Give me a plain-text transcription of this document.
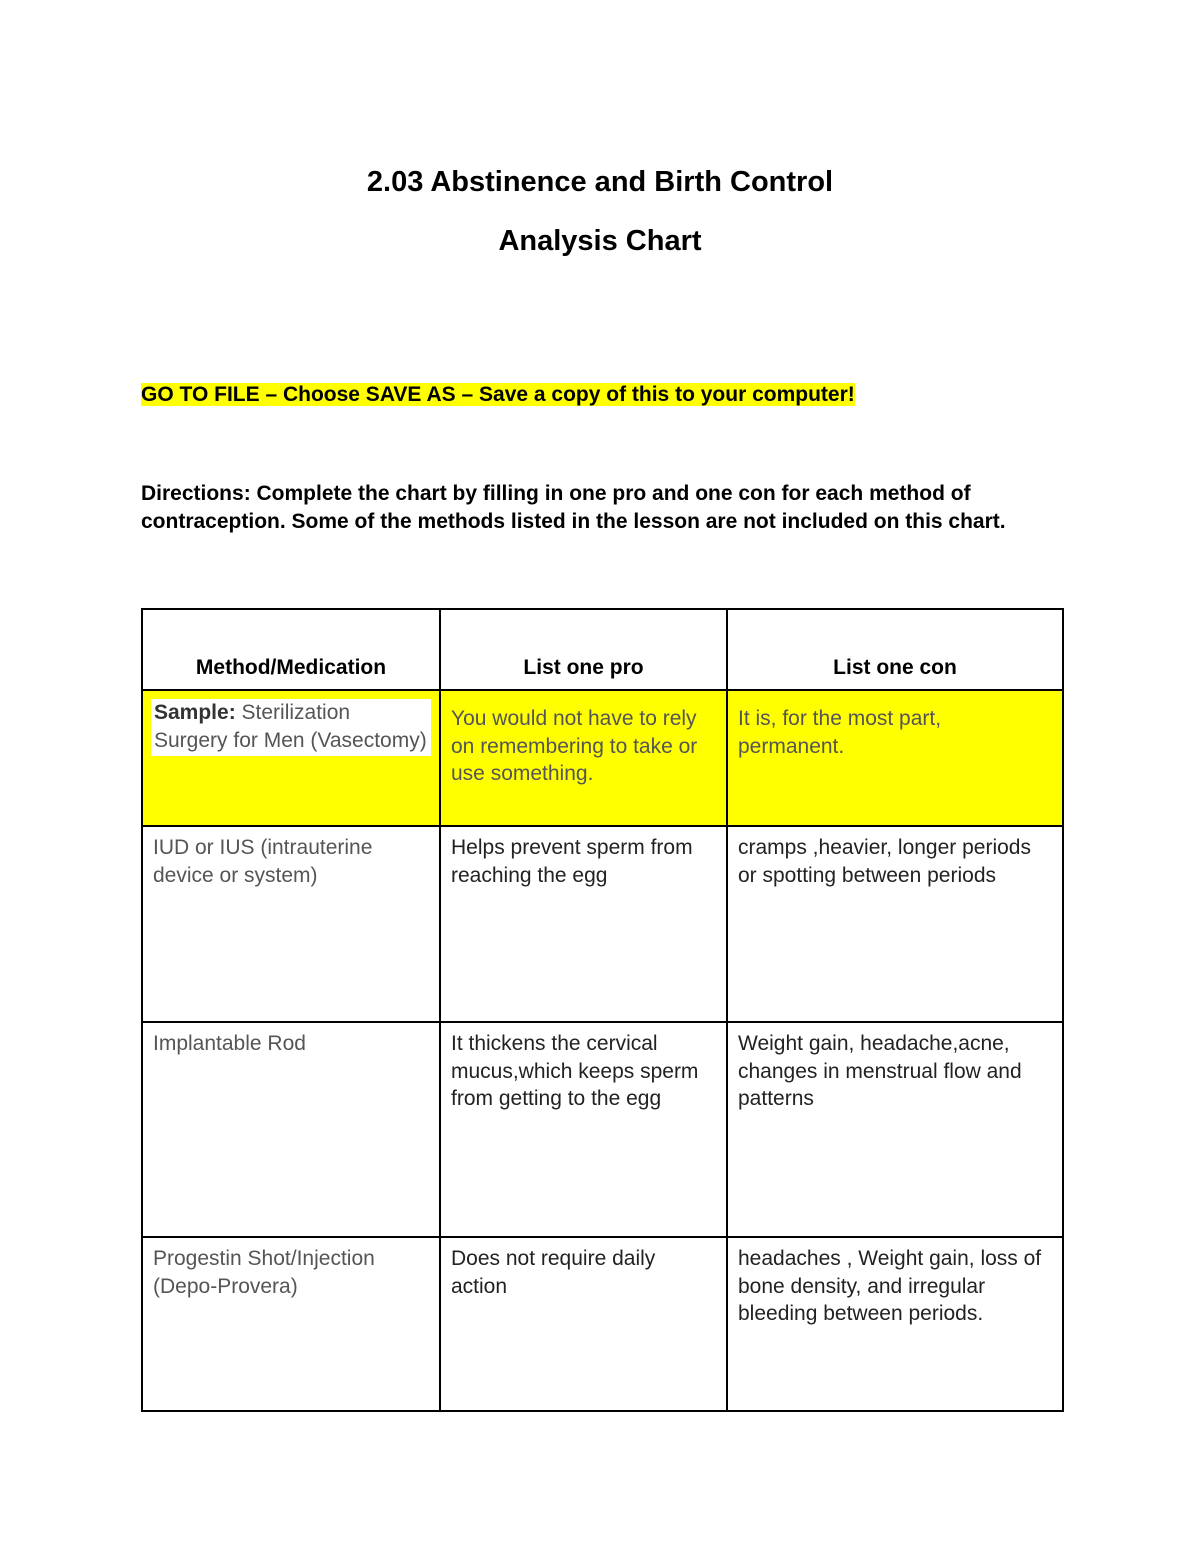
2.03 Abstinence and Birth Control
Analysis Chart
GO TO FILE – Choose SAVE AS – Save a copy of this to your computer!

Directions: Complete the chart by filling in one pro and one con for each method of contraception. Some of the methods listed in the lesson are not included on this chart.

Method/Medication	List one pro	List one con

Sample: Sterilization Surgery for Men (Vasectomy)	You would not have to rely on remembering to take or use something.	It is, for the most part, permanent.
IUD or IUS (intrauterine device or system)	Helps prevent sperm from reaching the egg	cramps ,heavier, longer periods or spotting between periods
Implantable Rod	It thickens the cervical mucus,which keeps sperm from getting to the egg	Weight gain, headache,acne, changes in menstrual flow and patterns
Progestin Shot/Injection (Depo-Provera)	Does not require daily action	headaches , Weight gain, loss of bone density, and irregular bleeding between periods.
